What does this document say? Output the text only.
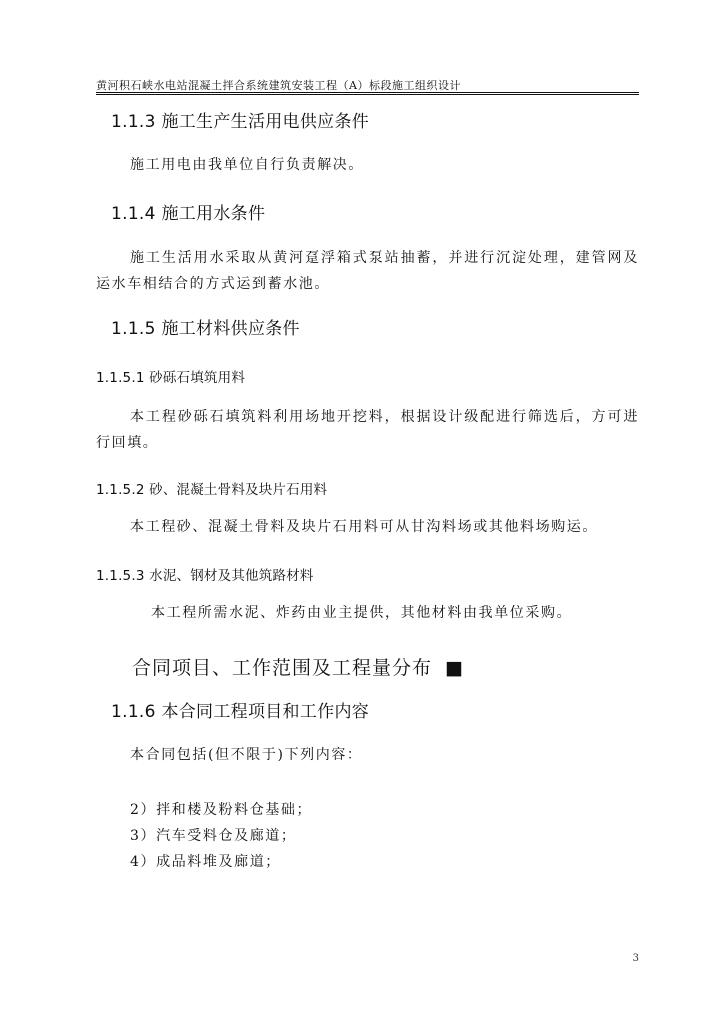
黄河积石峡水电站混凝土拌合系统建筑安装工程（A）标段施工组织设计
1.1.3 施工生产生活用电供应条件
施工用电由我单位自行负责解决。
1.1.4 施工用水条件
施工生活用水采取从黄河趸浮箱式泵站抽蓄，并进行沉淀处理，建管网及运水车相结合的方式运到蓄水池。
1.1.5 施工材料供应条件
1.1.5.1 砂砾石填筑用料
本工程砂砾石填筑料利用场地开挖料，根据设计级配进行筛选后，方可进行回填。
1.1.5.2 砂、混凝土骨料及块片石用料
本工程砂、混凝土骨料及块片石用料可从甘沟料场或其他料场购运。
1.1.5.3 水泥、钢材及其他筑路材料
本工程所需水泥、炸药由业主提供，其他材料由我单位采购。
合同项目、工作范围及工程量分布 ■
1.1.6 本合同工程项目和工作内容
本合同包括(但不限于)下列内容：
2）拌和楼及粉料仓基础；
3）汽车受料仓及廊道；
4）成品料堆及廊道；
3
